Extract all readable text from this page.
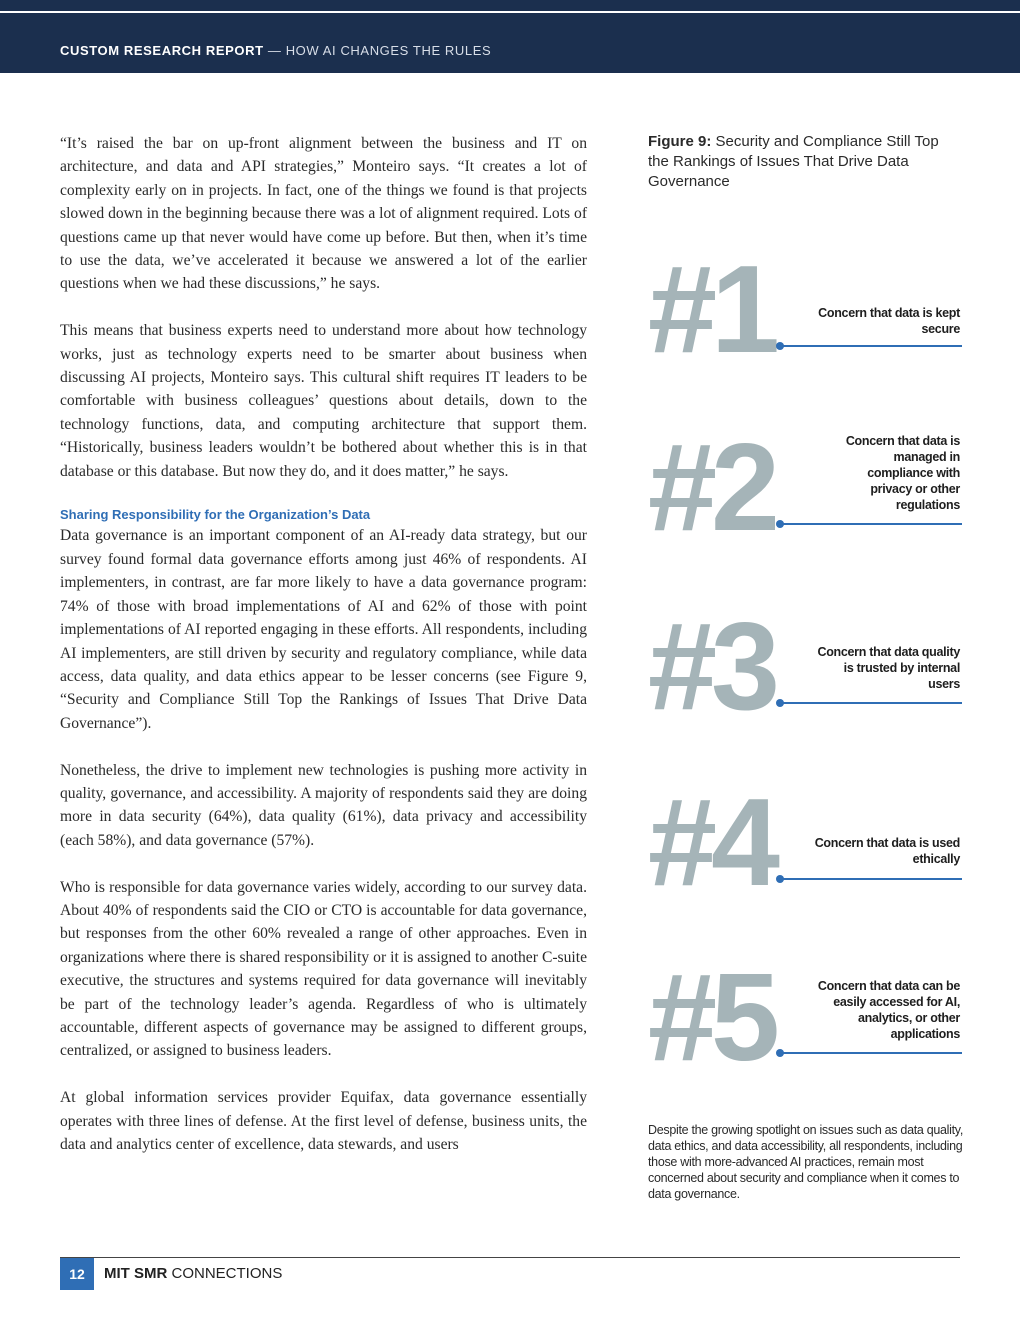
CUSTOM RESEARCH REPORT — HOW AI CHANGES THE RULES

“It’s raised the bar on up-front alignment between the business and IT on architecture, and data and API strategies,” Monteiro says. “It creates a lot of complexity early on in projects. In fact, one of the things we found is that projects slowed down in the beginning because there was a lot of alignment required. Lots of questions came up that never would have come up before. But then, when it’s time to use the data, we’ve accelerated it because we answered a lot of the earlier questions when we had these discussions,” he says.

This means that business experts need to understand more about how technology works, just as technology experts need to be smarter about business when discussing AI projects, Monteiro says. This cultural shift requires IT leaders to be comfortable with business colleagues’ questions about details, down to the technology functions, data, and computing architecture that support them. “Historically, business leaders wouldn’t be bothered about whether this is in that database or this database. But now they do, and it does matter,” he says.

Sharing Responsibility for the Organization’s Data

Data governance is an important component of an AI-ready data strategy, but our survey found formal data governance efforts among just 46% of respondents. AI implementers, in contrast, are far more likely to have a data governance program: 74% of those with broad implementations of AI and 62% of those with point implementations of AI reported engaging in these efforts. All respondents, including AI implementers, are still driven by security and regulatory compliance, while data access, data quality, and data ethics appear to be lesser concerns (see Figure 9, “Security and Compliance Still Top the Rankings of Issues That Drive Data Governance”).

Nonetheless, the drive to implement new technologies is pushing more activity in quality, governance, and accessibility. A majority of respondents said they are doing more in data security (64%), data quality (61%), data privacy and accessibility (each 58%), and data governance (57%).

Who is responsible for data governance varies widely, according to our survey data. About 40% of respondents said the CIO or CTO is accountable for data governance, but responses from the other 60% revealed a range of other approaches. Even in organizations where there is shared responsibility or it is assigned to another C-suite executive, the structures and systems required for data governance will inevitably be part of the technology leader’s agenda. Regardless of who is ultimately accountable, different aspects of governance may be assigned to different groups, centralized, or assigned to business leaders.

At global information services provider Equifax, data governance essentially operates with three lines of defense. At the first level of defense, business units, the data and analytics center of excellence, data stewards, and users

Figure 9: Security and Compliance Still Top the Rankings of Issues That Drive Data Governance
#1	Concern that data is kept secure
#2	Concern that data is managed in compliance with privacy or other regulations
#3	Concern that data quality is trusted by internal users
#4	Concern that data is used ethically
#5	Concern that data can be easily accessed for AI, analytics, or other applications
Despite the growing spotlight on issues such as data quality, data ethics, and data accessibility, all respondents, including those with more-advanced AI practices, remain most concerned about security and compliance when it comes to data governance.
12	MIT SMR CONNECTIONS
